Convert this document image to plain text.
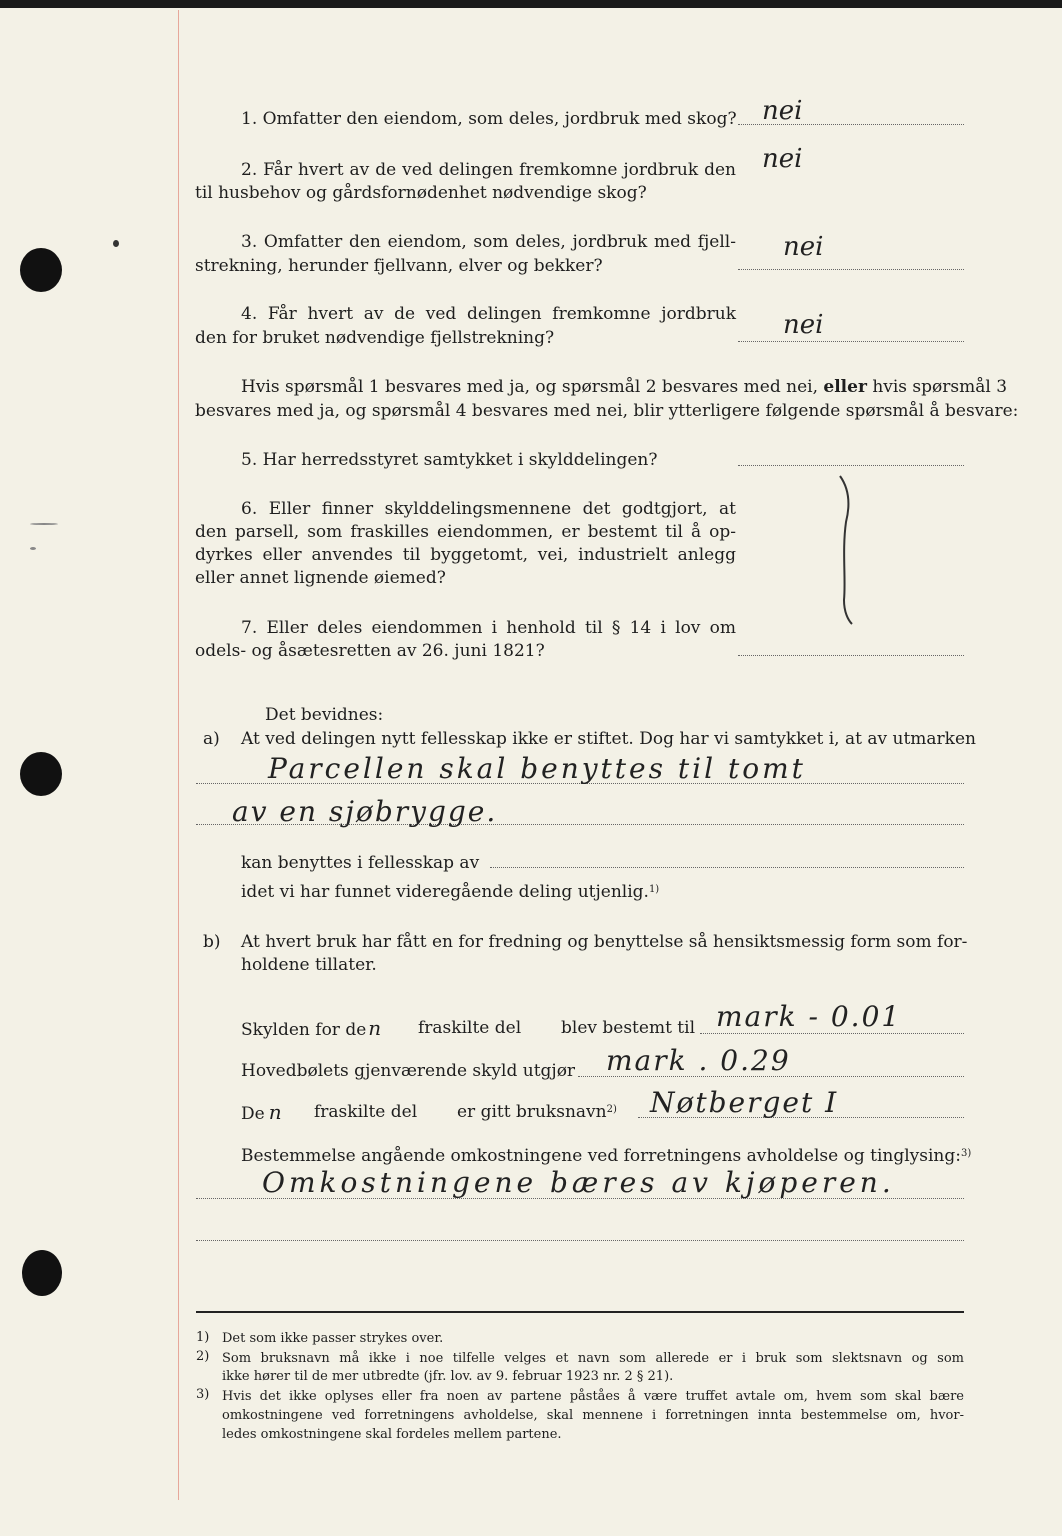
1. Omfatter den eiendom, som deles, jordbruk med skog? nei
2. Får hvert av de ved delingen fremkomne jordbruk den
til husbehov og gårdsfornødenhet nødvendige skog?
nei
3. Omfatter den eiendom, som deles, jordbruk med fjell-
strekning, herunder fjellvann, elver og bekker?
nei
4. Får hvert av de ved delingen fremkomne jordbruk
den for bruket nødvendige fjellstrekning?	nei
Hvis spørsmål 1 besvares med ja, og spørsmål 2 besvares med nei, eller hvis spørsmål 3
besvares med ja, og spørsmål 4 besvares med nei, blir ytterligere følgende spørsmål å besvare:
5. Har herredsstyret samtykket i skylddelingen?
6. Eller finner skylddelingsmennene det godtgjort, at
den parsell, som fraskilles eiendommen, er bestemt til å op-
dyrkes eller anvendes til byggetomt, vei, industrielt anlegg
eller annet lignende øiemed?
7. Eller deles eiendommen i henhold til § 14 i lov om
odels- og åsætesretten av 26. juni 1821?
Det bevidnes:
a) At ved delingen nytt fellesskap ikke er stiftet. Dog har vi samtykket i, at av utmarken
Parcellen skal benyttes til tomt
av en sjøbrygge.
kan benyttes i fellesskap av
idet vi har funnet videregående deling utjenlig.$^{1)}$
b) At hvert bruk har fått en for fredning og benyttelse så hensiktsmessig form som for-
holdene tillater.
Skylden for de n fraskilte del blev bestemt til mark - 0.01
Hovedbølets gjenværende skyld utgjør mark . 0.29
De n fraskilte del er gitt bruksnavn$^{2)}$ Nøtberget I
Bestemmelse angående omkostningene ved forretningens avholdelse og tinglysing:$^{3)}$
Omkostningene bæres av kjøperen.
1) Det som ikke passer strykes over.
2) Som bruksnavn må ikke i noe tilfelle velges et navn som allerede er i bruk som slektsnavn og som
ikke hører til de mer utbredte (jfr. lov. av 9. februar 1923 nr. 2 § 21).
3) Hvis det ikke oplyses eller fra noen av partene påståes å være truffet avtale om, hvem som skal bære
omkostningene ved forretningens avholdelse, skal mennene i forretningen innta bestemmelse om, hvor-
ledes omkostningene skal fordeles mellem partene.
